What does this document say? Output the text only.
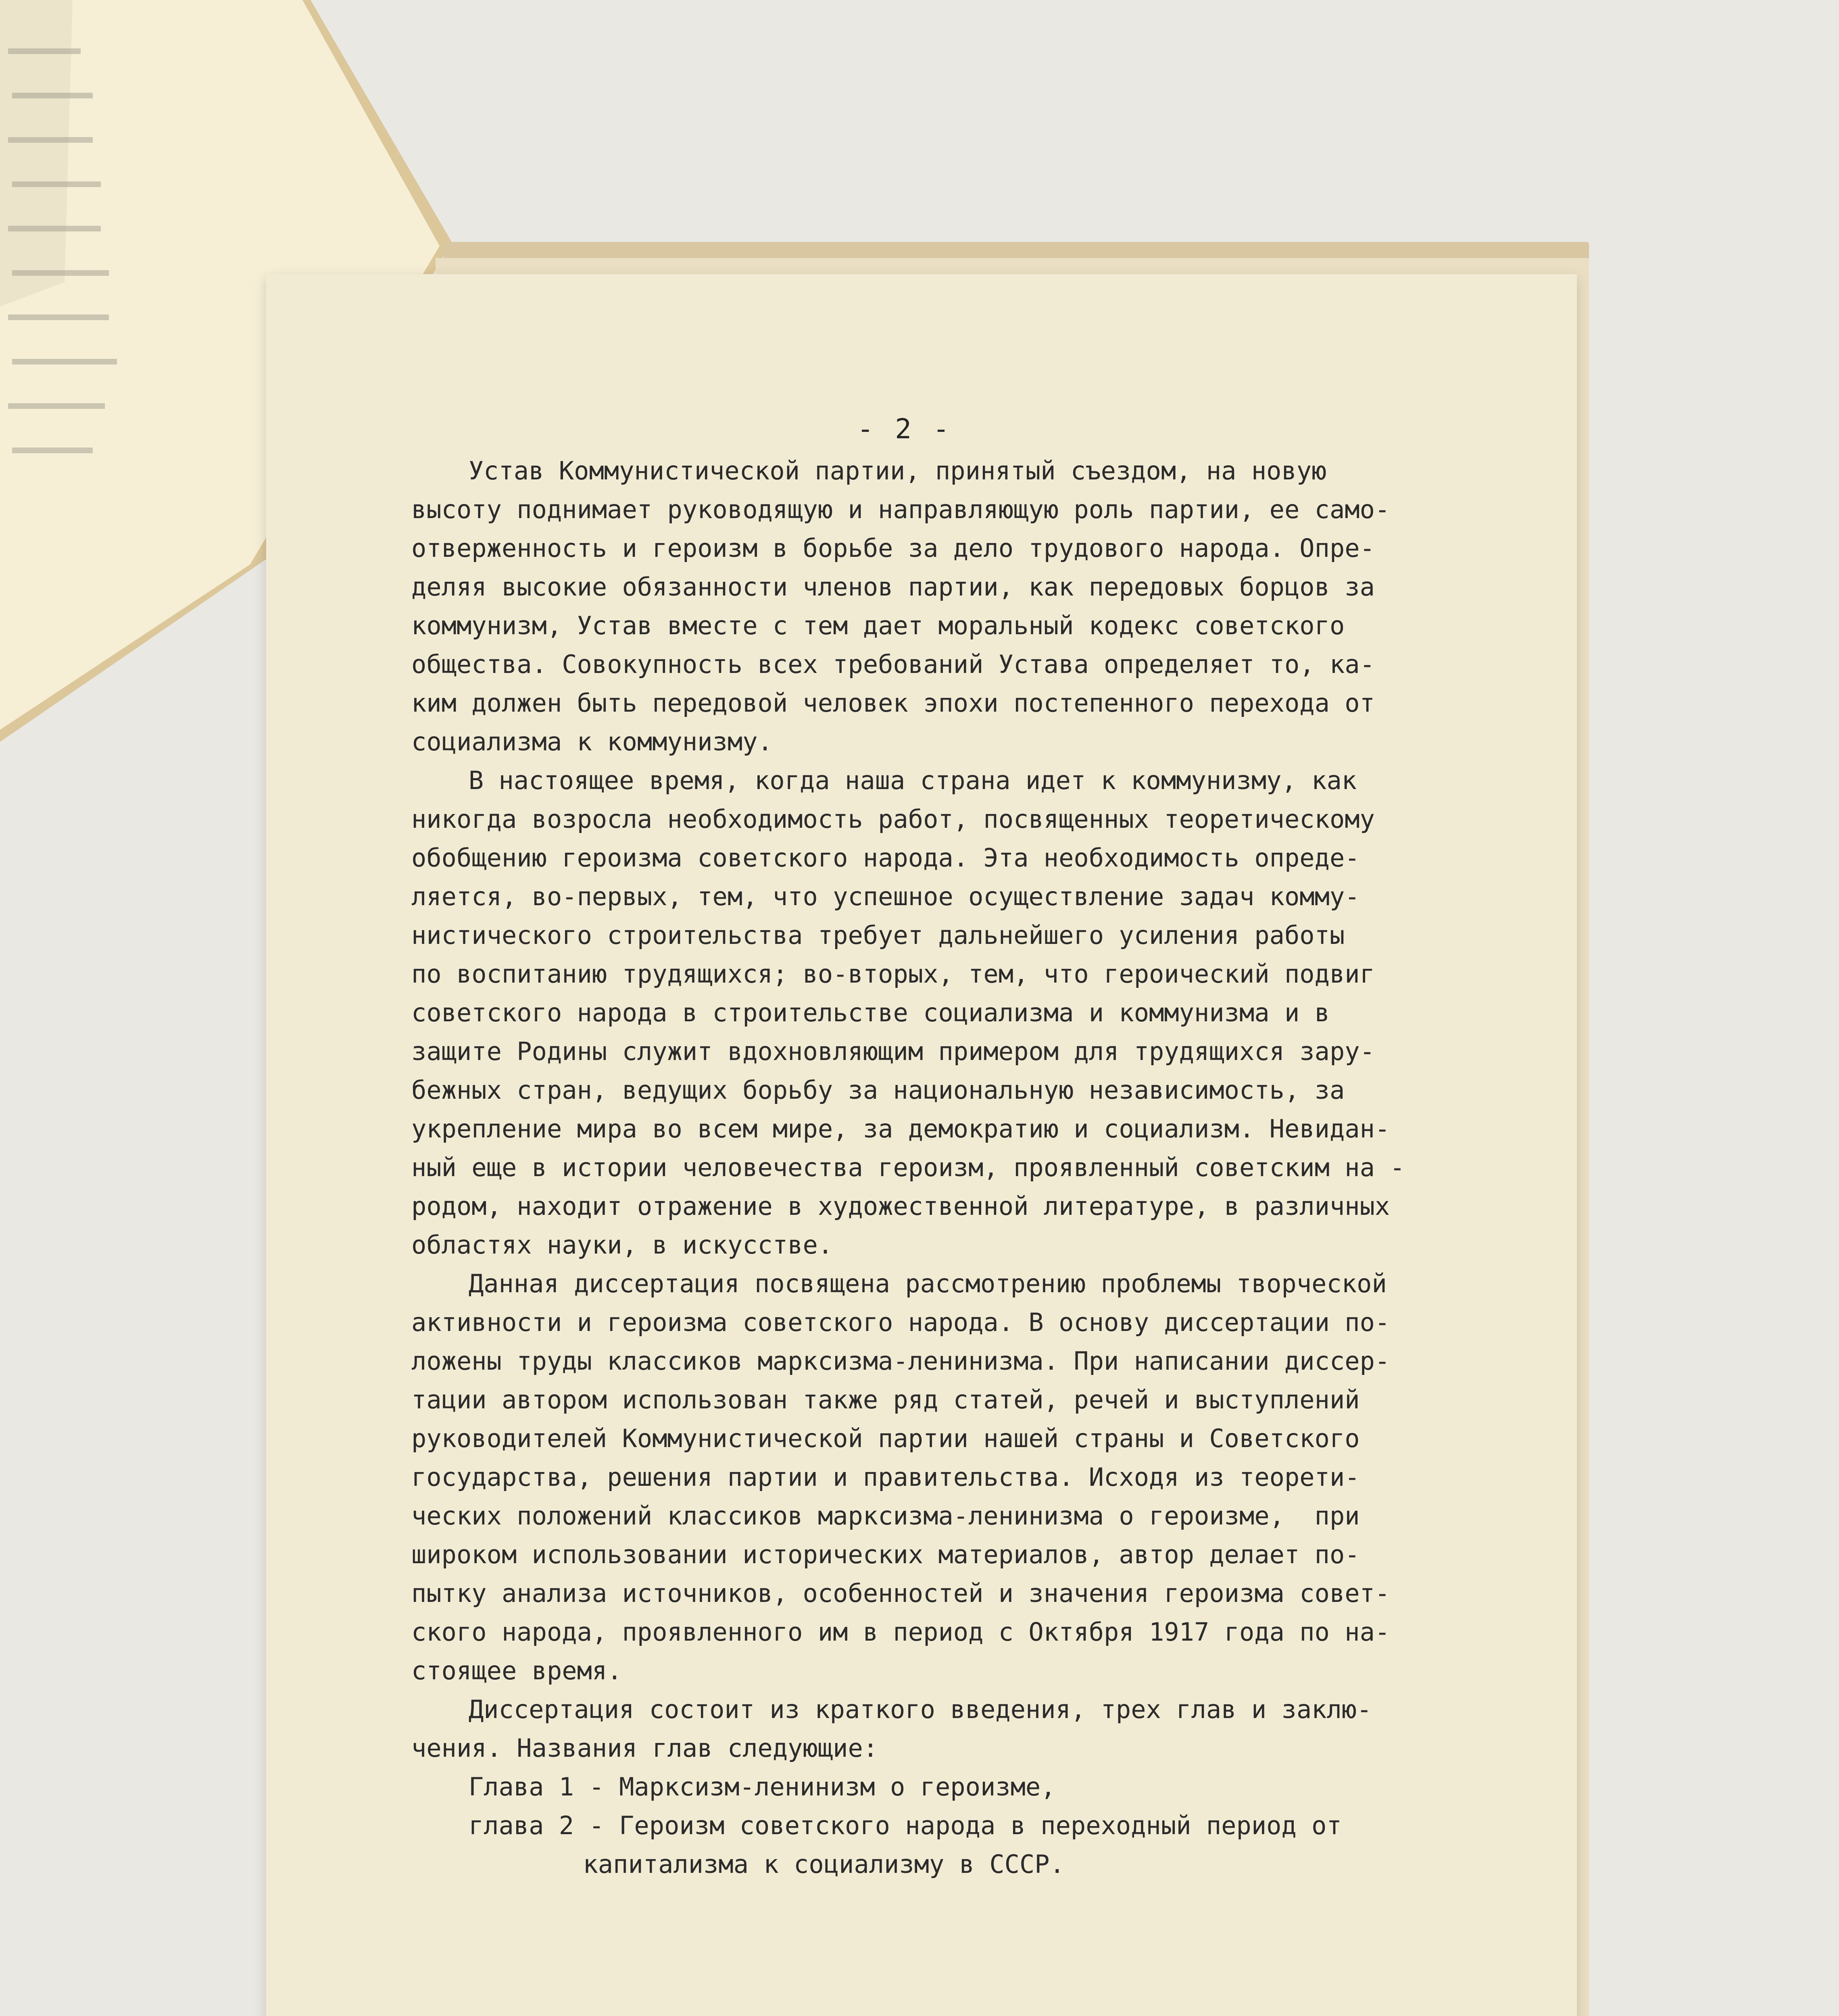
- 2 -
Устав Коммунистической партии, принятый съездом, на новую
высоту поднимает руководящую и направляющую роль партии, ее само-
отверженность и героизм в борьбе за дело трудового народа. Опре-
деляя высокие обязанности членов партии, как передовых борцов за
коммунизм, Устав вместе с тем дает моральный кодекс советского
общества. Совокупность всех требований Устава определяет то, ка-
ким должен быть передовой человек эпохи постепенного перехода от
социализма к коммунизму.
В настоящее время, когда наша страна идет к коммунизму, как
никогда возросла необходимость работ, посвященных теоретическому
обобщению героизма советского народа. Эта необходимость опреде-
ляется, во-первых, тем, что успешное осуществление задач комму-
нистического строительства требует дальнейшего усиления работы
по воспитанию трудящихся; во-вторых, тем, что героический подвиг
советского народа в строительстве социализма и коммунизма и в
защите Родины служит вдохновляющим примером для трудящихся зару-
бежных стран, ведущих борьбу за национальную независимость, за
укрепление мира во всем мире, за демократию и социализм. Невидан-
ный еще в истории человечества героизм, проявленный советским на -
родом, находит отражение в художественной литературе, в различных
областях науки, в искусстве.
Данная диссертация посвящена рассмотрению проблемы творческой
активности и героизма советского народа. В основу диссертации по-
ложены труды классиков марксизма-ленинизма. При написании диссер-
тации автором использован также ряд статей, речей и выступлений
руководителей Коммунистической партии нашей страны и Советского
государства, решения партии и правительства. Исходя из теорети-
ческих положений классиков марксизма-ленинизма о героизме,  при
широком использовании исторических материалов, автор делает по-
пытку анализа источников, особенностей и значения героизма совет-
ского народа, проявленного им в период с Октября 1917 года по на-
стоящее время.
Диссертация состоит из краткого введения, трех глав и заклю-
чения. Названия глав следующие:
Глава 1 - Марксизм-ленинизм о героизме,
глава 2 - Героизм советского народа в переходный период от
капитализма к социализму в СССР.
